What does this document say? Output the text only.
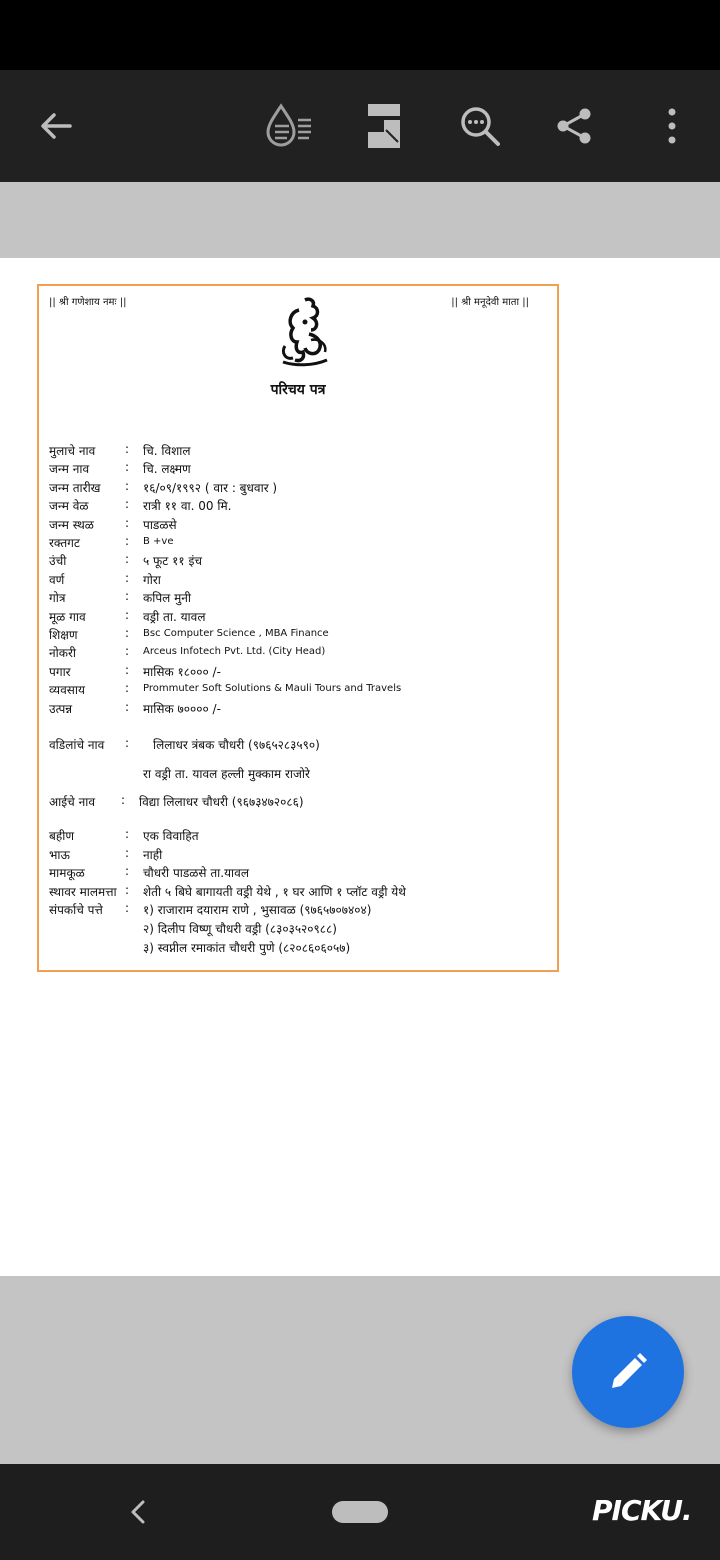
|| श्री गणेशाय नमः ||	|| श्री मनूदेवी माता ||
परिचय पत्र
मुलाचे नाव	: चि. विशाल
जन्म नाव	: चि. लक्ष्मण
जन्म तारीख	: १६/०९/१९९२ ( वार : बुधवार )
जन्म वेळ	: रात्री ११ वा. 00 मि.
जन्म स्थळ	: पाडळसे
रक्तगट	: B +ve
उंची	: ५ फूट ११ इंच
वर्ण	: गोरा
गोत्र	: कपिल मुनी
मूळ गाव	: वड्री ता. यावल
शिक्षण	: Bsc Computer Science , MBA Finance
नोकरी	: Arceus Infotech Pvt. Ltd. (City Head)
पगार	: मासिक १८००० /-
व्यवसाय	: Prommuter Soft Solutions & Mauli Tours and Travels
उत्पन्न	: मासिक ७०००० /-
वडिलांचे नाव	: लिलाधर त्रंबक चौधरी (९७६५२८३५९०)
रा वड्री ता. यावल हल्ली मुक्काम राजोरे
आईचे नाव	: विद्या लिलाधर चौधरी (९६७३४७२०८६)
बहीण	: एक विवाहित
भाऊ	: नाही
मामकूळ	: चौधरी पाडळसे ता.यावल
स्थावर मालमत्ता : शेती ५ बिघे बागायती वड्री येथे , १ घर आणि १ प्लॉट वड्री येथे
संपर्काचे पत्ते	: १) राजाराम दयाराम राणे , भुसावळ (९७६५७०७४०४)
२) दिलीप विष्णू चौधरी वड्री (८३०३५२०९८८)
३) स्वप्नील रमाकांत चौधरी पुणे (८२०८६०६०५७)
PICKU.
